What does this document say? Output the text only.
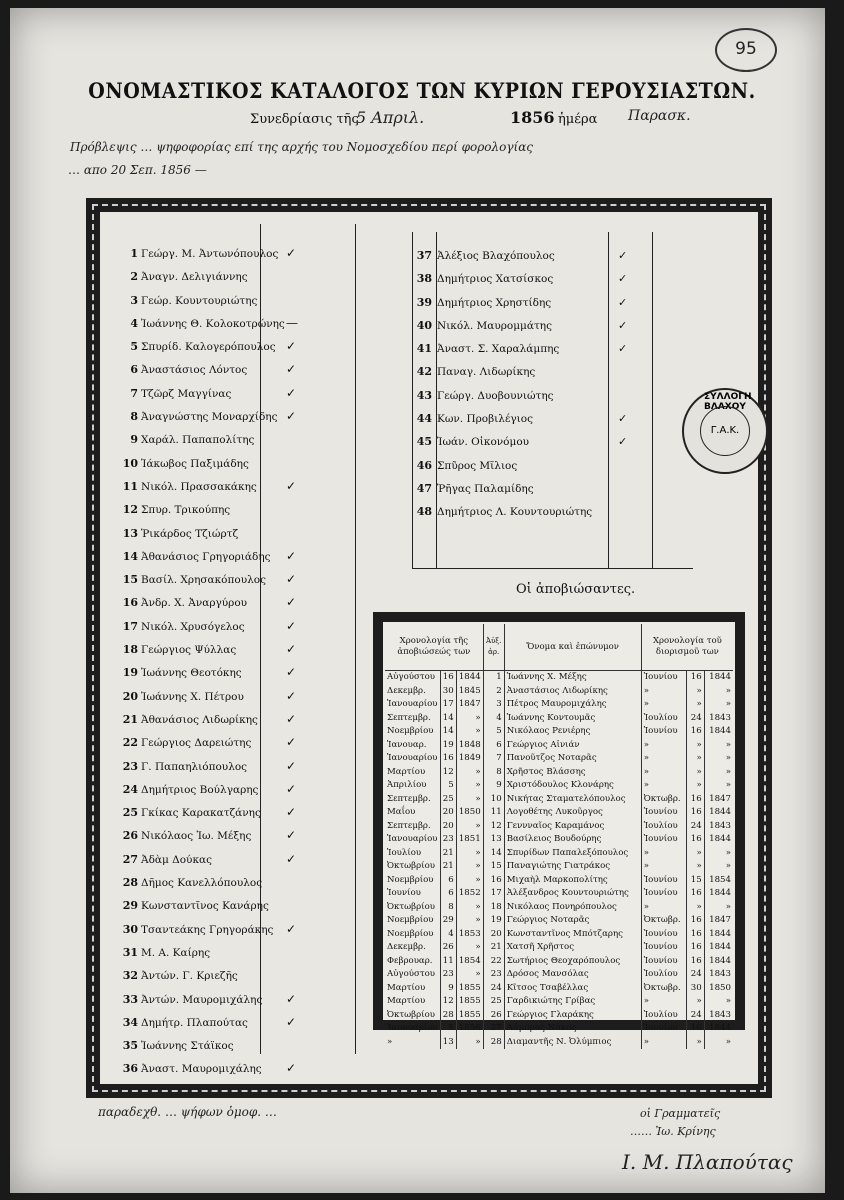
95
ΟΝΟΜΑΣΤΙΚΟΣ ΚΑΤΑΛΟΓΟΣ ΤΩΝ ΚΥΡΙΩΝ ΓΕΡΟΥΣΙΑΣΤΩΝ.
Συνεδρίασις τῆς
5 Απριλ.	1856 ἡμέρα Παρασκ.
Πρόβλεψις … ψηφοφορίας επί της αρχής του Νομοσχεδίου περί φορολογίας
… απο 20 Σεπ. 1856 —
1 Γεώργ. Μ. Ἀντωνόπουλος ✓
2 Ἀναγν. Δελιγιάννης
3 Γεώρ. Κουντουριώτης
4 Ἰωάννης Θ. Κολοκοτρώνης —
5 Σπυρίδ. Καλογερόπουλος ✓
6 Ἀναστάσιος Λόντος	✓
7 Τζῶρζ Μαγγίνας	✓
8 Ἀναγνώστης Μοναρχίδης ✓
9 Χαράλ. Παπαπολίτης
10 Ἰάκωβος Παξιμάδης
11 Νικόλ. Πρασσακάκης ✓
12 Σπυρ. Τρικούπης
13 Ῥικάρδος Τζιώρτζ
14 Ἀθανάσιος Γρηγοριάδης ✓
15 Βασίλ. Χρησακόπουλος ✓
16 Ἀνδρ. Χ. Ἀναργύρου	✓
17 Νικόλ. Χρυσόγελος	✓
18 Γεώργιος Ψύλλας	✓
19 Ἰωάννης Θεοτόκης	✓
20 Ἰωάννης Χ. Πέτρου	✓
21 Ἀθανάσιος Λιδωρίκης ✓
22 Γεώργιος Δαρειώτης	✓
23 Γ. Παπαηλιόπουλος	✓
24 Δημήτριος Βούλγαρης ✓
25 Γκίκας Καρακατζάνης ✓
26 Νικόλαος Ἰω. Μέξης	✓
27 Ἀδὰμ Δούκας	✓
28 Δῆμος Κανελλόπουλος
29 Κωνσταντῖνος Κανάρης
30 Τσαντεάκης Γρηγοράκης ✓
31 Μ. Α. Καίρης
32 Ἀντών. Γ. Κριεζῆς
33 Ἀντών. Μαυρομιχάλης ✓
34 Δημήτρ. Πλαπούτας	✓
35 Ἰωάννης Στάϊκος
36 Ἀναστ. Μαυρομιχάλης ✓
37 Ἀλέξιος Βλαχόπουλος	✓
38 Δημήτριος Χατσίσκος	✓
39 Δημήτριος Χρηστίδης	✓
40 Νικόλ. Μαυρομμάτης	✓
41 Ἀναστ. Σ. Χαραλάμπης	✓
42 Παναγ. Λιδωρίκης
43 Γεώργ. Δυοβουνιώτης
44 Κων. Προβιλέγιος	✓
45 Ἰωάν. Οἰκονόμου	✓
46 Σπῦρος Μῖλιος
47 Ῥῆγας Παλαμίδης
48 Δημήτριος Λ. Κουντουριώτης
ΣΥΛΛΟΓΗ ΒΛΑΧΟΥ
Γ.Α.Κ.
Οἱ ἀποβιώσαντες.
Χρονολογία τῆς ἀποβιώσεώς των			Ἀὐξ. ἀρ.	Ὄνομα καὶ ἐπώνυμον	Χρονολογία τοῦ διορισμοῦ των		
Αὐγούστου	16	1844	1	Ἰωάννης Χ. Μέξης	Ἰουνίου	16	1844
Δεκεμβρ.	30	1845	2	Ἀναστάσιος Λιδωρίκης	»	»	»
Ἰανουαρίου	17	1847	3	Πέτρος Μαυρομιχάλης	»	»	»
Σεπτεμβρ.	14	»	4	Ἰωάννης Κοντουμᾶς	Ἰουλίου	24	1843
Νοεμβρίου	14	»	5	Νικόλαος Ρενιέρης	Ἰουνίου	16	1844
Ἰανουαρ.	19	1848	6	Γεώργιος Αἰνιάν	»	»	»
Ἰανουαρίου	16	1849	7	Πανοῦτζος Νοταρᾶς	»	»	»
Μαρτίου	12	»	8	Χρῆστος Βλάσσης	»	»	»
Ἀπριλίου	5	»	9	Χριστόδουλος Κλονάρης	»	»	»
Σεπτεμβρ.	25	»	10	Νικήτας Σταματελόπουλος	Ὀκτωβρ.	16	1847
Μαΐου	20	1850	11	Λογοθέτης Λυκοῦργος	Ἰουνίου	16	1844
Σεπτεμβρ.	20	»	12	Γεννναῖος Καραμάνος	Ἰουλίου	24	1843
Ἰανουαρίου	23	1851	13	Βασίλειος Βουδούρης	Ἰουνίου	16	1844
Ἰουλίου	21	»	14	Σπυρίδων Παπαλεξόπουλος	»	»	»
Ὀκτωβρίου	21	»	15	Παναγιώτης Γιατράκος	»	»	»
Νοεμβρίου	6	»	16	Μιχαὴλ Μαρκοπολίτης	Ἰουνίου	15	1854
Ἰουνίου	6	1852	17	Ἀλέξανδρος Κουντουριώτης	Ἰουνίου	16	1844
Ὀκτωβρίου	8	»	18	Νικόλαος Πονηρόπουλος	»	»	»
Νοεμβρίου	29	»	19	Γεώργιος Νοταρᾶς	Ὀκτωβρ.	16	1847
Νοεμβρίου	4	1853	20	Κωνσταντῖνος Μπότζαρης	Ἰουνίου	16	1844
Δεκεμβρ.	26	»	21	Χατσῆ Χρῆστος	Ἰουνίου	16	1844
Φεβρουαρ.	11	1854	22	Σωτήριος Θεοχαρόπουλος	Ἰουνίου	16	1844
Αὐγούστου	23	»	23	Δρόσος Μανσόλας	Ἰουλίου	24	1843
Μαρτίου	9	1855	24	Κῖτσος Τσαβέλλας	Ὀκτωβρ.	30	1850
Μαρτίου	12	1855	25	Γαρδικιώτης Γρίβας	»	»	»
Ὀκτωβρίου	28	1855	26	Γεώργιος Γλαράκης	Ἰουλίου	24	1843
Ἰανουαρίου	5	1856	27	Λάμπρος Νάκος	Ἰουνίου	16	1844
»	13	»	28	Διαμαντῆς Ν. Ὀλύμπιος	»	»	»
παραδεχθ. … ψήφων ὁμοφ. …	οἱ Γραμματεῖς
…… Ἰω. Κρίνης
Ι. Μ. Πλαπούτας
